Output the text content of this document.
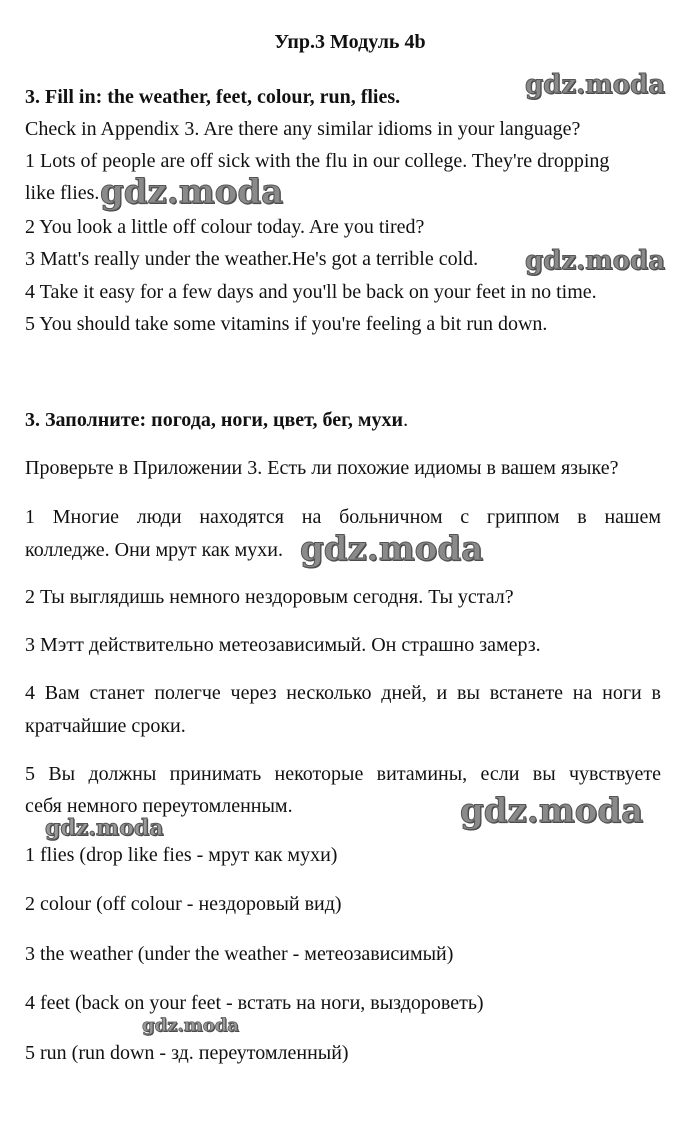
Упр.3 Модуль 4b
3. Fill in: the weather, feet, colour, run, flies.
Check in Appendix 3. Are there any similar idioms in your language?
1 Lots of people are off sick with the flu in our college. They're dropping
like flies.
2 You look a little off colour today. Are you tired?
3 Matt's really under the weather.He's got a terrible cold.
4 Take it easy for a few days and you'll be back on your feet in no time.
5 You should take some vitamins if you're feeling a bit run down.
3. Заполните: погода, ноги, цвет, бег, мухи.
Проверьте в Приложении 3. Есть ли похожие идиомы в вашем языке?
1 Многие люди находятся на больничном с гриппом в нашем
колледже. Они мрут как мухи.
2 Ты выглядишь немного нездоровым сегодня. Ты устал?
3 Мэтт действительно метеозависимый. Он страшно замерз.
4 Вам станет полегче через несколько дней, и вы встанете на ноги в
кратчайшие сроки.
5 Вы должны принимать некоторые витамины, если вы чувствуете
себя немного переутомленным.
1 flies (drop like fies - мрут как мухи)
2 colour (off colour - нездоровый вид)
3 the weather (under the weather - метеозависимый)
4 feet (back on your feet - встать на ноги, выздороветь)
5 run (run down - зд. переутомленный)
gdz.moda
gdz.moda
gdz.moda
gdz.moda
gdz.moda
gdz.moda
gdz.moda
